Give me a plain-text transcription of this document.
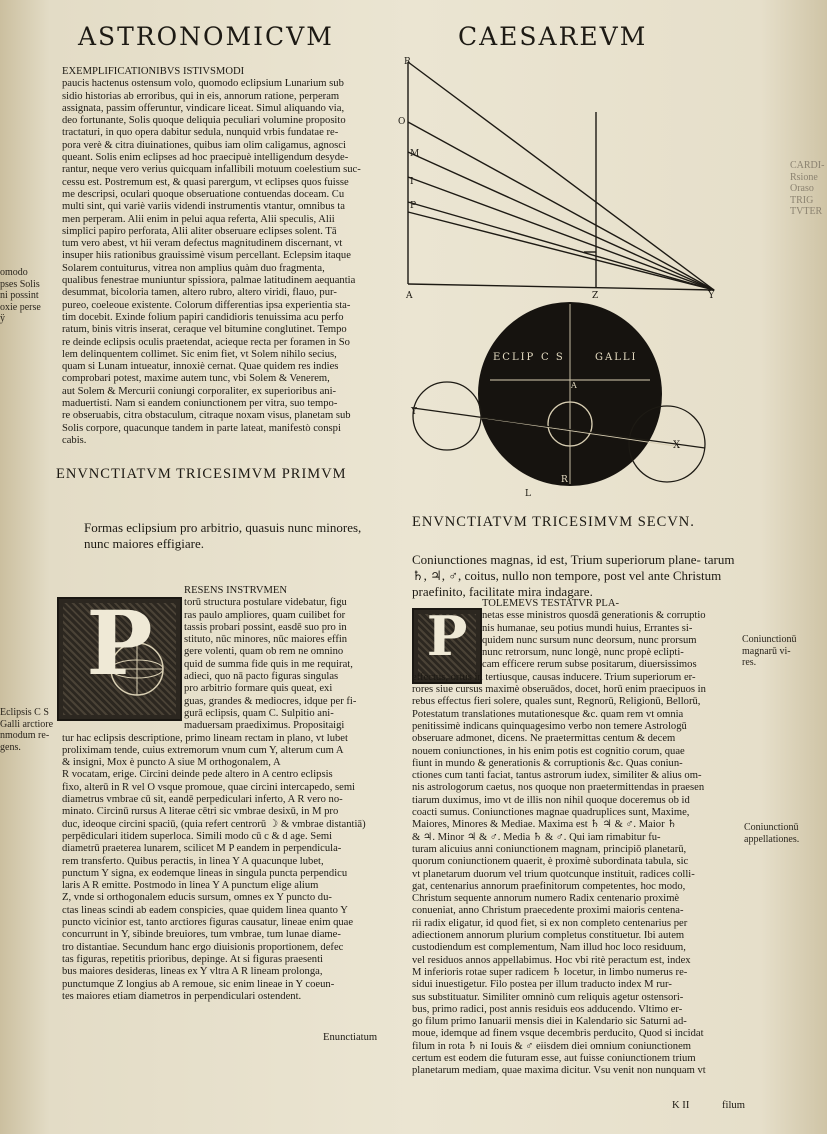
ASTRONOMICVM	CAESAREVM
omodo
pses Solis
ni possint
oxie perse
ÿ
EXEMPLIFICATIONIBVS ISTIVSMODI
paucis hactenus ostensum volo, quomodo eclipsium Lunarium sub
sidio historias ab erroribus, qui in eis, annorum ratione, perperam
assignata, passim offeruntur, vindicare liceat. Simul aliquando via,
deo fortunante, Solis quoque deliquia peculiari volumine proposito
tractaturi, in quo opera dabitur sedula, nunquid vrbis fundatae re-
pora verè & citra diuinationes, quibus iam olim caligamus, agnosci
queant. Solis enim eclipses ad hoc praecipuè intelligendum desyde-
rantur, neque vero verius quicquam infallibili motuum coelestium suc-
cessu est. Postremum est, & quasi parergum, vt eclipses quos fuisse
me descripsi, oculari quoque obseruatione contuendas doceam. Cu
multi sint, qui variè variis videndi instrumentis vtantur, omnibus ta
men perperam. Alii enim in pelui aqua referta, Alii speculis, Alii
simplici papiro perforata, Alii aliter obseruare eclipses solent. Tā
tum vero abest, vt hii veram defectus magnitudinem discernant, vt
insuper hiis rationibus grauissimè visum percellant. Eclepsim itaque
Solarem contuiturus, vitrea non amplius quàm duo fragmenta,
qualibus fenestrae muniuntur spissiora, palmae latitudinem aequantia
desummat, bicoloria tamen, altero rubro, altero viridi, flauo, pur-
pureo, coeleoue existente. Colorum differentias ipsa experientia sta-
tim docebit. Exinde folium papiri candidioris tenuissima acu perfo
ratum, binis vitris inserat, ceraque vel bitumine conglutinet. Tempo
re deinde eclipsis oculis praetendat, acieque recta per foramen in So
lem delinquentem collimet. Sic enim fiet, vt Solem nihilo secius,
quam si Lunam intueatur, innoxiè cernat. Quae quidem res indies
comprobari potest, maxime autem tunc, vbi Solem & Venerem,
aut Solem & Mercurii coniungi corporaliter, ex superioribus ani-
maduertisti. Nam si eandem coniunctionem per vitra, suo tempo-
re obseruabis, citra obstaculum, citraque noxam visus, planetam sub
Solis corpore, quacunque tandem in parte lateat, manifestò conspi
cabis.
ENVNCTIATVM TRICESIMVM PRIMVM
Formas eclipsium pro arbitrio, quasuis nunc minores, nunc maiores effigiare.
P
RESENS INSTRVMEN
torū structura postulare videbatur, figu
ras paulo ampliores, quam cuilibet for
tassis probari possint, easdē suo pro in
stituto, nūc minores, nūc maiores effin
gere volenti, quam ob rem ne omnino
quid de summa fide quis in me requirat,
adieci, quo nā pacto figuras singulas
pro arbitrio formare quis queat, exi
guas, grandes & mediocres, idque per fi-
gurā eclipsis, quam C. Sulpitio ani-
maduersam praediximus. Propositaigi
tur hac eclipsis descriptione, primo lineam rectam in plano, vt lubet
proliximam tende, cuius extremorum vnum cum Y, alterum cum A
& insigni, Mox è puncto A siue M orthogonalem, A
R vocatam, erige. Circini deinde pede altero in A centro eclipsis
fixo, alterū in R vel O vsque promoue, quae circini intercapedo, semi
diametrus vmbrae cū sit, eandē perpediculari inferto, A R vero no-
minato. Circinū rursus A literae cētri sic vmbrae desixū, in M pro
duc, ideoque circini spaciū, (quia refert centrorū ☽ & vmbrae distantiā)
perpēdiculari itidem superloca. Simili modo cū c & d age. Semi
diametrū praeterea lunarem, scilicet M P eandem in perpendicula-
rem transferto. Quibus peractis, in linea Y A quacunque lubet,
punctum Y signa, ex eodemque lineas in singula puncta perpendicu
laris A R emitte. Postmodo in linea Y A punctum elige alium
Z, vnde si orthogonalem educis sursum, omnes ex Y puncto du-
ctas lineas scindi ab eadem conspicies, quae quidem linea quanto Y
puncto vicinior est, tanto arctiores figuras causatur, lineae enim quae
concurrunt in Y, sibinde breuiores, tum vmbrae, tum lunae diame-
tro distantiae. Secundum hanc ergo diuisionis proportionem, defec
tas figuras, repetitis prioribus, depinge. At si figuras praesenti
bus maiores desideras, lineas ex Y vltra A R lineam prolonga,
punctumque Z longius ab A remoue, sic enim lineae in Y coeun-
tes maiores etiam diametros in perpendiculari ostendent.
Enunctiatum
Eclipsis C S
Galli arctiore
nmodum re-
gens.
R
O
M
I
P
A	Z	Y
ECLIP C S	GALLI
Y
X
R
L
A
ENVNCTIATVM TRICESIMVM SECVN.
Coniunctiones magnas, id est, Trium superiorum plane- tarum ♄, ♃, ♂, coitus, nullo non tempore, post vel ante Christum praefinito, facilitate mira indagare.
P
TOLEMEVS TESTATVR PLA-
netas esse ministros quosdā generationis & corruptio
nis humanae, seu potius mundi huius, Errantes si-
quidem nunc sursum nunc deorsum, nunc prorsum
nunc retrorsum, nunc longè, nunc propè eclipti-
cam efficere rerum subse positarum, diuersissimos
effectus, ortus in tertiusque, causas inducere. Trium superiorum er-
rores siue cursus maximè obseruādos, docet, horū enim praecipuos in
rebus effectus fieri solere, quales sunt, Regnorū, Religionū, Bellorū,
Potestatum translationes mutationesque &c. quam rem vt omnia
penitissimè indicans quinquagesimo verbo non temere Astrologū
obseruare admonet, dicens. Ne praetermittas centum & decem
nouem coniunctiones, in his enim potis est cognitio corum, quae
fiunt in mundo & generationis & corruptionis &c. Quas coniun-
ctiones cum tanti faciat, tantus astrorum iudex, similiter & alius om-
nis astrologorum caetus, nos quoque non praetermittendas in praesen
tiarum duximus, imo vt de illis non nihil quoque doceremus ob id
coacti sumus. Coniunctiones magnae quadruplices sunt, Maxime,
Maiores, Minores & Mediae. Maxima est ♄ ♃ & ♂. Maior ♄
& ♃. Minor ♃ & ♂. Media ♄ & ♂. Qui iam rimabitur fu-
turam alicuius anni coniunctionem magnam, principiō planetarū,
quorum coniunctionem quaerit, è proximè subordinata tabula, sic
vt planetarum duorum vel trium quotcunque instituit, radices colli-
gat, centenarius annorum praefinitorum competentes, hoc modo,
Christum sequente annorum numero Radix centenario proximè
conueniat, anno Christum praecedente proximi maioris centena-
rii radix eligatur, id quod fiet, si ex non completo centenarius per
adiectionem annorum plurium completus constituetur. Ibi autem
custodiendum est complementum, Nam illud hoc loco residuum,
vel residuos annos appellabimus. Hoc vbi ritè peractum est, index
M inferioris rotae super radicem ♄ locetur, in limbo numerus re-
sidui inuestigetur. Filo postea per illum traducto index M rur-
sus substituatur. Similiter omninò cum reliquis agetur ostensori-
bus, primo radici, post annis residuis eos adducendo. Vltimo er-
go filum primo Ianuarii mensis diei in Kalendario sic Saturni ad-
moue, idemque ad finem vsque decembris perducito, Quod si incidat
filum in rota ♄ ni Iouis & ♂ eiisdem diei omnium coniunctionem
certum est eodem die futuram esse, aut fuisse coniunctionem trium
planetarum mediam, quae maxima dicitur. Vsu venit non nunquam vt
K II	filum
Coniunctionū
magnarū vi-
res.
Coniunctionū
appellationes.
CARDI-
Rsione
Oraso
TRIG
TVTER
